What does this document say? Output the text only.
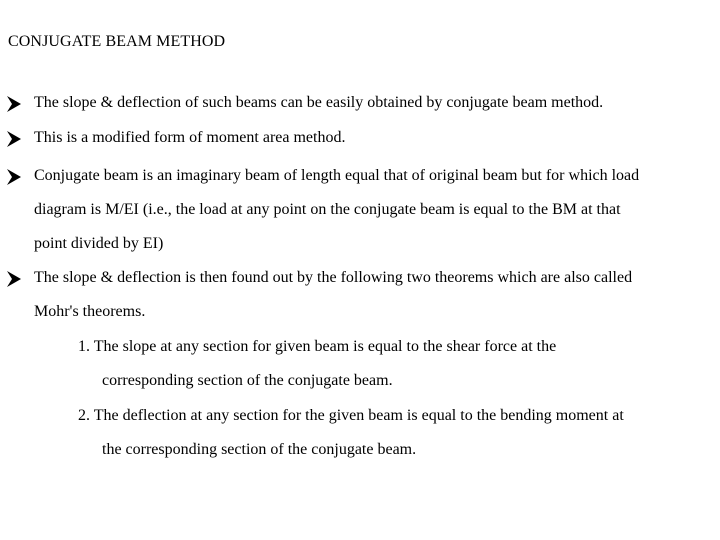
CONJUGATE BEAM METHOD
The slope & deflection of such beams can be easily obtained by conjugate beam method.
This is a modified form of moment area method.
Conjugate beam is an imaginary beam of length equal that of original beam but for which load
diagram is M/EI (i.e., the load at any point on the conjugate beam is equal to the BM at that
point divided by EI)
The slope & deflection is then found out by the following two theorems which are also called
Mohr's theorems.
1. The slope at any section for given beam is equal to the shear force at the
corresponding section of the conjugate beam.
2. The deflection at any section for the given beam is equal to the bending moment at
the corresponding section of the conjugate beam.
